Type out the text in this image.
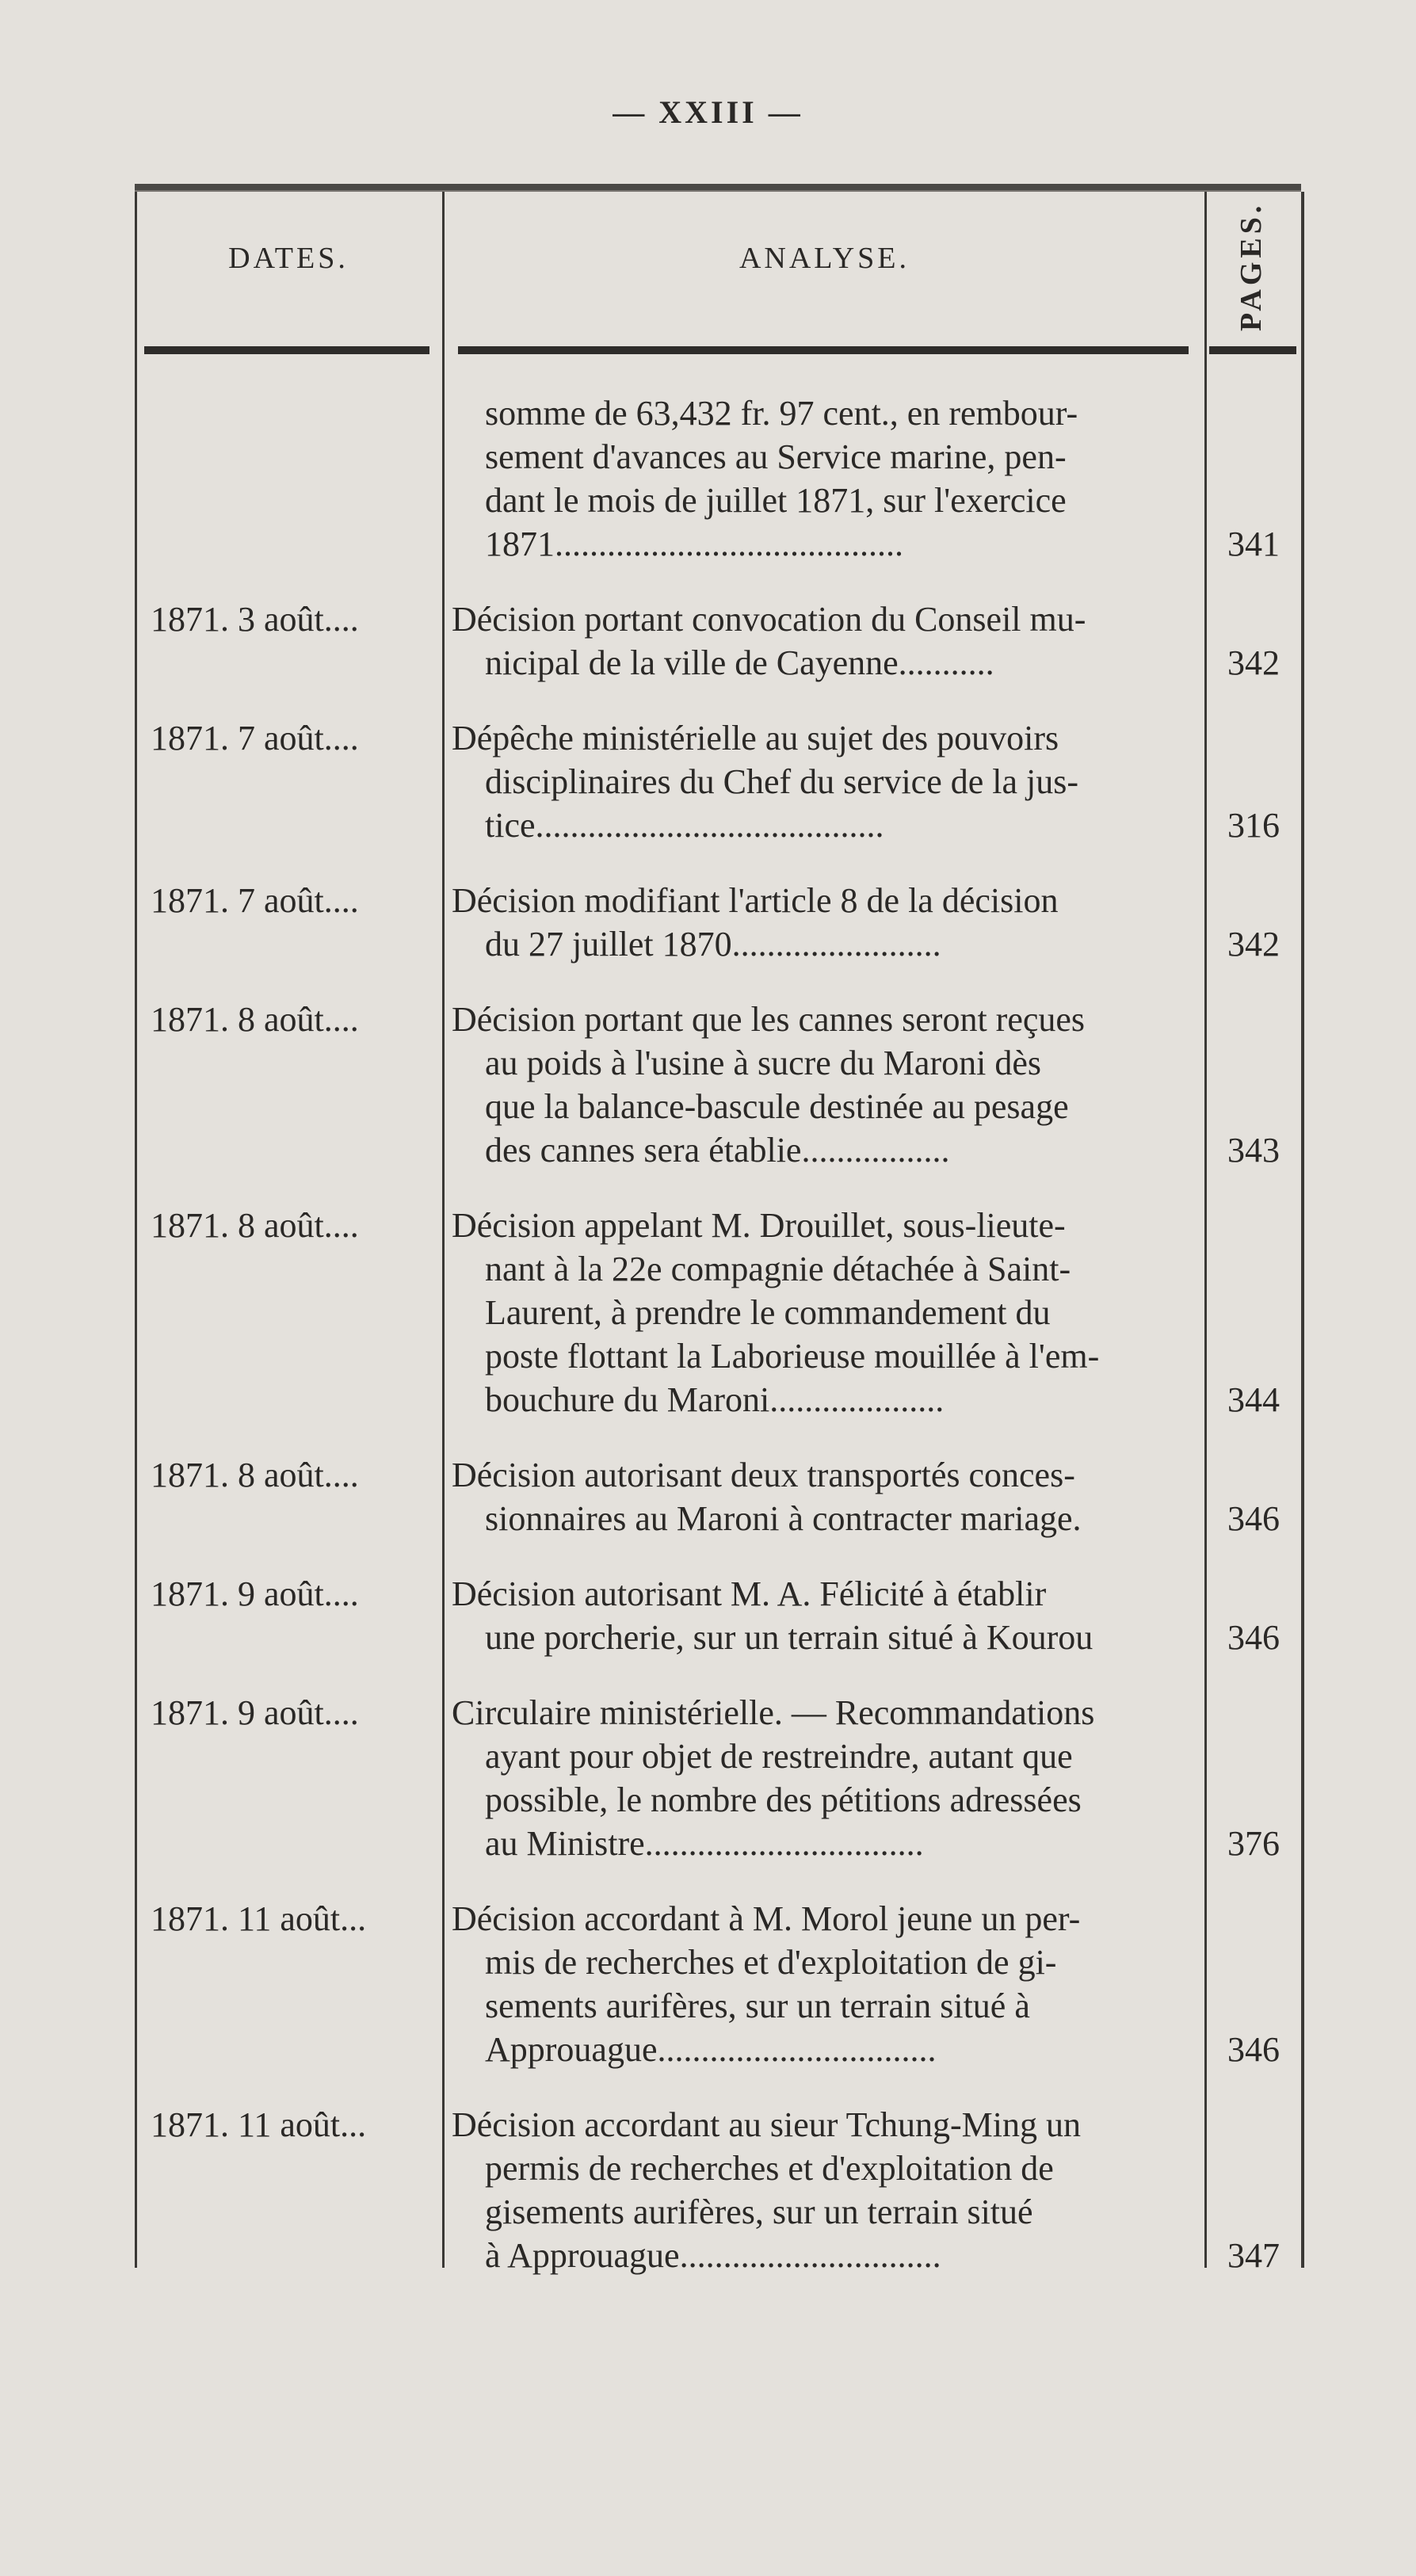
— XXIII —
DATES.	ANALYSE.	PAGES.
somme de 63,432 fr. 97 cent., en rembour-
sement d'avances au Service marine, pen-
dant le mois de juillet 1871, sur l'exercice
1871........................................	341
1871. 3 août....	Décision portant convocation du Conseil mu-
nicipal de la ville de Cayenne...........	342
1871. 7 août....	Dépêche ministérielle au sujet des pouvoirs
disciplinaires du Chef du service de la jus-
tice........................................	316
1871. 7 août....	Décision modifiant l'article 8 de la décision
du 27 juillet 1870........................	342
1871. 8 août....	Décision portant que les cannes seront reçues
au poids à l'usine à sucre du Maroni dès
que la balance-bascule destinée au pesage
des cannes sera établie.................	343
1871. 8 août....	Décision appelant M. Drouillet, sous-lieute-
nant à la 22e compagnie détachée à Saint-
Laurent, à prendre le commandement du
poste flottant la Laborieuse mouillée à l'em-
bouchure du Maroni....................	344
1871. 8 août....	Décision autorisant deux transportés conces-
sionnaires au Maroni à contracter mariage.	346
1871. 9 août....	Décision autorisant M. A. Félicité à établir
une porcherie, sur un terrain situé à Kourou	346
1871. 9 août....	Circulaire ministérielle. — Recommandations
ayant pour objet de restreindre, autant que
possible, le nombre des pétitions adressées
au Ministre................................	376
1871. 11 août...	Décision accordant à M. Morol jeune un per-
mis de recherches et d'exploitation de gi-
sements aurifères, sur un terrain situé à
Approuague................................	346
1871. 11 août...	Décision accordant au sieur Tchung-Ming un
permis de recherches et d'exploitation de
gisements aurifères, sur un terrain situé
à Approuague..............................	347
